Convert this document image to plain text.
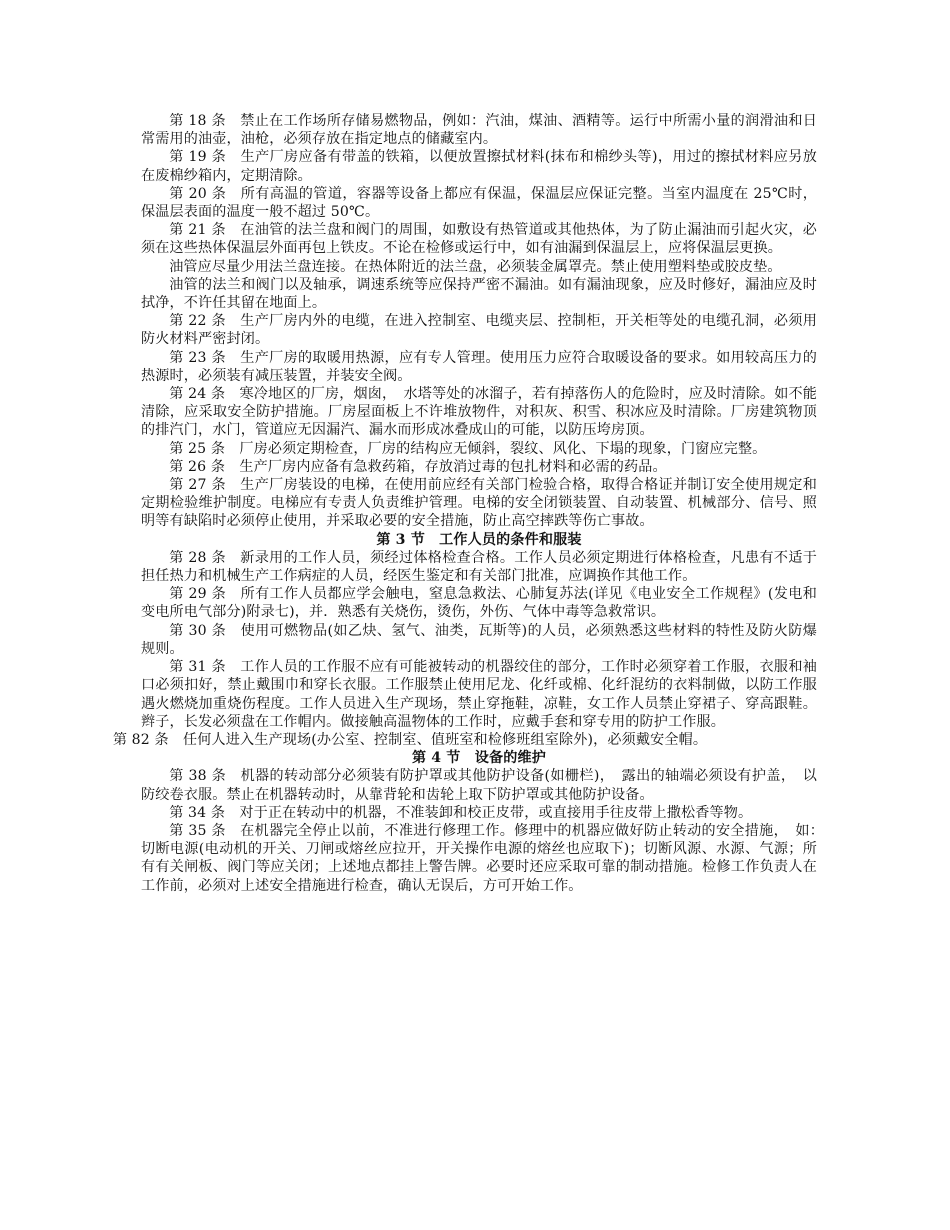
第 18 条　禁止在工作场所存储易燃物品，例如：汽油，煤油、酒精等。运行中所需小量的润滑油和日常需用的油壶，油枪，必须存放在指定地点的储藏室内。

第 19 条　生产厂房应备有带盖的铁箱，以便放置擦拭材料(抹布和棉纱头等)，用过的擦拭材料应另放在废棉纱箱内，定期清除。

第 20 条　所有高温的管道，容器等设备上都应有保温，保温层应保证完整。当室内温度在 25℃时，保温层表面的温度一般不超过 50℃。

第 21 条　在油管的法兰盘和阀门的周围，如敷设有热管道或其他热体，为了防止漏油而引起火灾，必须在这些热体保温层外面再包上铁皮。不论在检修或运行中，如有油漏到保温层上，应将保温层更换。

油管应尽量少用法兰盘连接。在热体附近的法兰盘，必须装金属罩壳。禁止使用塑料垫或胶皮垫。

油管的法兰和阀门以及轴承，调速系统等应保持严密不漏油。如有漏油现象，应及时修好，漏油应及时拭净，不许任其留在地面上。

第 22 条　生产厂房内外的电缆，在进入控制室、电缆夹层、控制柜，开关柜等处的电缆孔洞，必须用防火材料严密封闭。

第 23 条　生产厂房的取暖用热源，应有专人管理。使用压力应符合取暖设备的要求。如用较高压力的热源时，必须装有减压装置，并装安全阀。

第 24 条　寒冷地区的厂房，烟囱，　水塔等处的冰溜子，若有掉落伤人的危险时，应及时清除。如不能清除，应采取安全防护措施。厂房屋面板上不许堆放物件，对积灰、积雪、积冰应及时清除。厂房建筑物顶的排汽门，水门，管道应无因漏汽、漏水而形成冰叠成山的可能，以防压垮房顶。

第 25 条　厂房必须定期检查，厂房的结构应无倾斜，裂纹、风化、下塌的现象，门窗应完整。

第 26 条　生产厂房内应备有急救药箱，存放消过毒的包扎材料和必需的药品。

第 27 条　生产厂房装设的电梯，在使用前应经有关部门检验合格，取得合格证并制订安全使用规定和定期检验维护制度。电梯应有专责人负责维护管理。电梯的安全闭锁装置、自动装置、机械部分、信号、照明等有缺陷时必须停止使用，并采取必要的安全措施，防止高空摔跌等伤亡事故。

第 3 节　工作人员的条件和服装

第 28 条　新录用的工作人员，须经过体格检查合格。工作人员必须定期进行体格检查，凡患有不适于担任热力和机械生产工作病症的人员，经医生鉴定和有关部门批准，应调换作其他工作。

第 29 条　所有工作人员都应学会触电，窒息急救法、心肺复苏法(详见《电业安全工作规程》(发电和变电所电气部分)附录七)，并．熟悉有关烧伤，烫伤，外伤、气体中毒等急救常识。

第 30 条　使用可燃物品(如乙炔、氢气、油类，瓦斯等)的人员，必须熟悉这些材料的特性及防火防爆规则。

第 31 条　工作人员的工作服不应有可能被转动的机器绞住的部分，工作时必须穿着工作服，衣服和袖口必须扣好，禁止戴围巾和穿长衣服。工作服禁止使用尼龙、化纤或棉、化纤混纺的衣料制做，以防工作服遇火燃烧加重烧伤程度。工作人员进入生产现场，禁止穿拖鞋，凉鞋，女工作人员禁止穿裙子、穿高跟鞋。辫子，长发必须盘在工作帽内。做接触高温物体的工作时，应戴手套和穿专用的防护工作服。

第 82 条　任何人进入生产现场(办公室、控制室、值班室和检修班组室除外)，必须戴安全帽。

第 4 节　设备的维护

第 38 条　机器的转动部分必须装有防护罩或其他防护设备(如栅栏)，　露出的轴端必须设有护盖，　以防绞卷衣服。禁止在机器转动时，从靠背轮和齿轮上取下防护罩或其他防护设备。

第 34 条　对于正在转动中的机器，不准装卸和校正皮带，或直接用手往皮带上撒松香等物。

第 35 条　在机器完全停止以前，不准进行修理工作。修理中的机器应做好防止转动的安全措施，　如：　切断电源(电动机的开关、刀闸或熔丝应拉开，开关操作电源的熔丝也应取下)；切断风源、水源、气源；所有有关闸板、阀门等应关闭；上述地点都挂上警告牌。必要时还应采取可靠的制动措施。检修工作负责人在工作前，必须对上述安全措施进行检查，确认无误后，方可开始工作。
